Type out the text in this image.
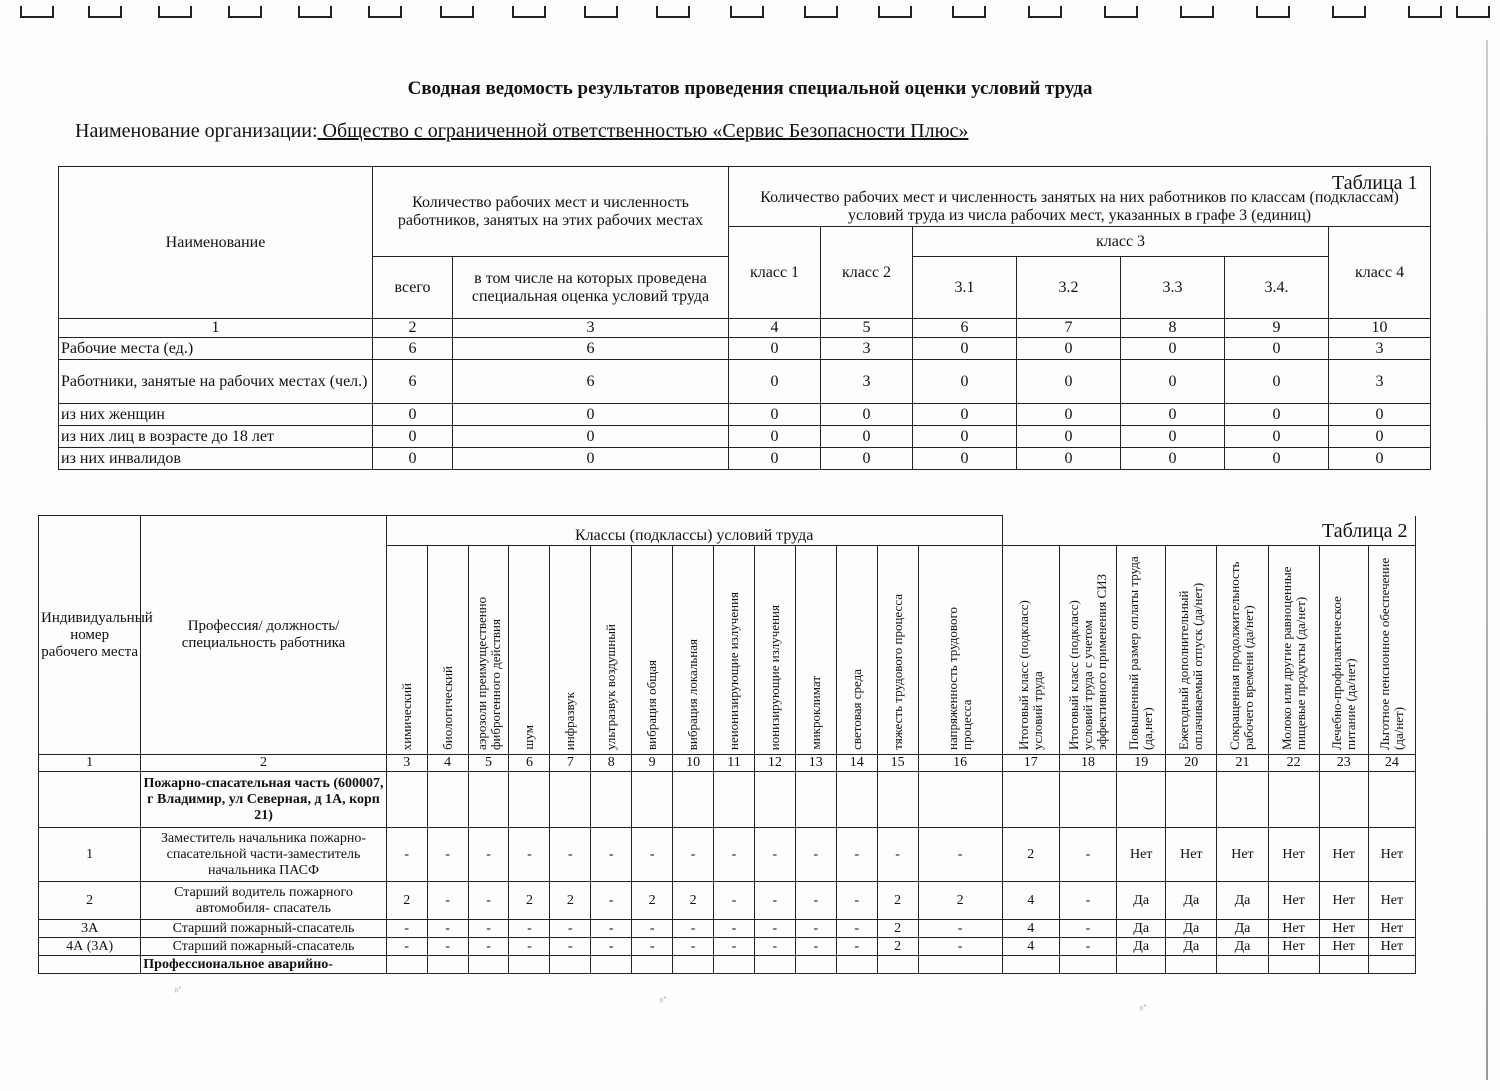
Сводная ведомость результатов проведения специальной оценки условий труда
Наименование организации: Общество с ограниченной ответственностью «Сервис Безопасности Плюс»
Таблица 1
Наименование	Количество рабочих мест и численность работников, занятых на этих рабочих местах		Количество рабочих мест и численность занятых на них работников по классам (подклассам) условий труда из числа рабочих мест, указанных в графе 3 (единиц)						
			класс 1	класс 2	класс 3				класс 4
	всего	в том числе на которых проведена специальная оценка условий труда			3.1	3.2	3.3	3.4.	
1	2	3	4	5	6	7	8	9	10
Рабочие места (ед.)	6	6	0	3	0	0	0	0	3
Работники, занятые на рабочих местах (чел.)	6	6	0	3	0	0	0	0	3
из них женщин	0	0	0	0	0	0	0	0	0
из них лиц в возрасте до 18 лет	0	0	0	0	0	0	0	0	0
из них инвалидов	0	0	0	0	0	0	0	0	0
Таблица 2
Индивидуальный номер рабочего места	Профессия/ должность/ специальность работника	Классы (подклассы) условий труда																					

		химический	биологический	аэрозоли преимущественно фиброгенного действия	шум	инфразвук	ультразвук воздушный	вибрация общая	вибрация локальная	неионизирующие излучения	ионизирующие излучения	микроклимат	световая среда	тяжесть трудового процесса	напряженность трудового процесса	Итоговый класс (подкласс) условий труда	Итоговый класс (подкласс) условий труда с учетом эффективного применения СИЗ	Повышенный размер оплаты труда (да,нет)	Ежегодный дополнительный оплачиваемый отпуск (да/нет)	Сокращенная продолжительность рабочего времени (да/нет)	Молоко или другие равноценные пищевые продукты (да/нет)	Лечебно-профилактическое питание (да/нет)	Льготное пенсионное обеспечение (да/нет)

1	2	3	4	5	6	7	8	9	10	11	12	13	14	15	16	17	18	19	20	21	22	23	24
	Пожарно-спасательная часть (600007, г Владимир, ул Северная, д 1А, корп 21)																						
1	Заместитель начальника пожарно-спасательной части-заместитель начальника ПАСФ	-	-	-	-	-	-	-	-	-	-	-	-	-	-	2	-	Нет	Нет	Нет	Нет	Нет	Нет
2	Старший водитель пожарного автомобиля- спасатель	2	-	-	2	2	-	2	2	-	-	-	-	2	2	4	-	Да	Да	Да	Нет	Нет	Нет
3А	Старший пожарный-спасатель	-	-	-	-	-	-	-	-	-	-	-	-	2	-	4	-	Да	Да	Да	Нет	Нет	Нет
4А (3А)	Старший пожарный-спасатель	-	-	-	-	-	-	-	-	-	-	-	-	2	-	4	-	Да	Да	Да	Нет	Нет	Нет
	Профессиональное аварийно-																						
ᵖ˚
ᵖ˚
ᵖ˚
